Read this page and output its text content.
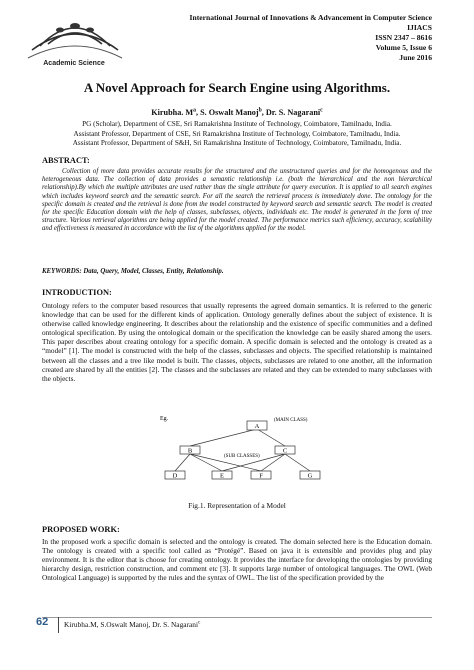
Academic Science
International Journal of Innovations & Advancement in Computer Science
IJIACS
ISSN 2347 – 8616
Volume 5, Issue 6
June 2016
A Novel Approach for Search Engine using Algorithms.
Kirubha. $M^a$, S. Oswalt Manoj$^b$, Dr. S. Nagarani$^c$
PG (Scholar), Department of CSE, Sri Ramakrishna Institute of Technology, Coimbatore, Tamilnadu, India.
Assistant Professor, Department of CSE, Sri Ramakrishna Institute of Technology, Coimbatore, Tamilnadu, India.
Assistant Professor, Department of S&H, Sri Ramakrishna Institute of Technology, Coimbatore, Tamilnadu, India.
ABSTRACT:
Collection of more data provides accurate results for the structured and the unstructured queries and for the homogenous and the heterogeneous data. The collection of data provides a semantic relationship i.e. (both the hierarchical and the non hierarchical relationship).By which the multiple attributes are used rather than the single attribute for query execution. It is applied to all search engines which includes keyword search and the semantic search. For all the search the retrieval process is immediately done. The ontology for the specific domain is created and the retrieval is done from the model constructed by keyword search and semantic search. The model is created for the specific Education domain with the help of classes, subclasses, objects, individuals etc. The model is generated in the form of tree structure. Various retrieval algorithms are being applied for the model created. The performance metrics such efficiency, accuracy, scalability and effectiveness is measured in accordance with the list of the algorithms applied for the model.
KEYWORDS: Data, Query, Model, Classes, Entity, Relationship.
INTRODUCTION:
Ontology refers to the computer based resources that usually represents the agreed domain semantics. It is referred to the generic knowledge that can be used for the different kinds of application. Ontology generally defines about the subject of existence. It is otherwise called knowledge engineering. It describes about the relationship and the existence of specific communities and a defined ontological specification. By using the ontological domain or the specification the knowledge can be easily shared among the users. This paper describes about creating ontology for a specific domain. A specific domain is selected and the ontology is created as a “model” [1]. The model is constructed with the help of the classes, subclasses and objects. The specified relationship is maintained between all the classes and a tree like model is built. The classes, objects, subclasses are related to one another, all the information created are shared by all the entities [2]. The classes and the subclasses are related and they can be extended to many subclasses with the objects.
Eg.
A
(MAIN CLASS)
B	C
(SUB CLASSES)
D	E	F	G
Fig.1. Representation of a Model
PROPOSED WORK:
In the proposed work a specific domain is selected and the ontology is created. The domain selected here is the Education domain. The ontology is created with a specific tool called as “Protégé”. Based on java it is extensible and provides plug and play environment. It is the editor that is choose for creating ontology. It provides the interface for developing the ontologies by providing hierarchy design, restriction construction, and comment etc [3]. It supports large number of ontological languages. The OWL (Web Ontological Language) is supported by the rules and the syntax of OWL. The list of the specification provided by the
62 Kirubha.M, S.Oswalt Manoj, Dr. S. Nagarani$^c$
